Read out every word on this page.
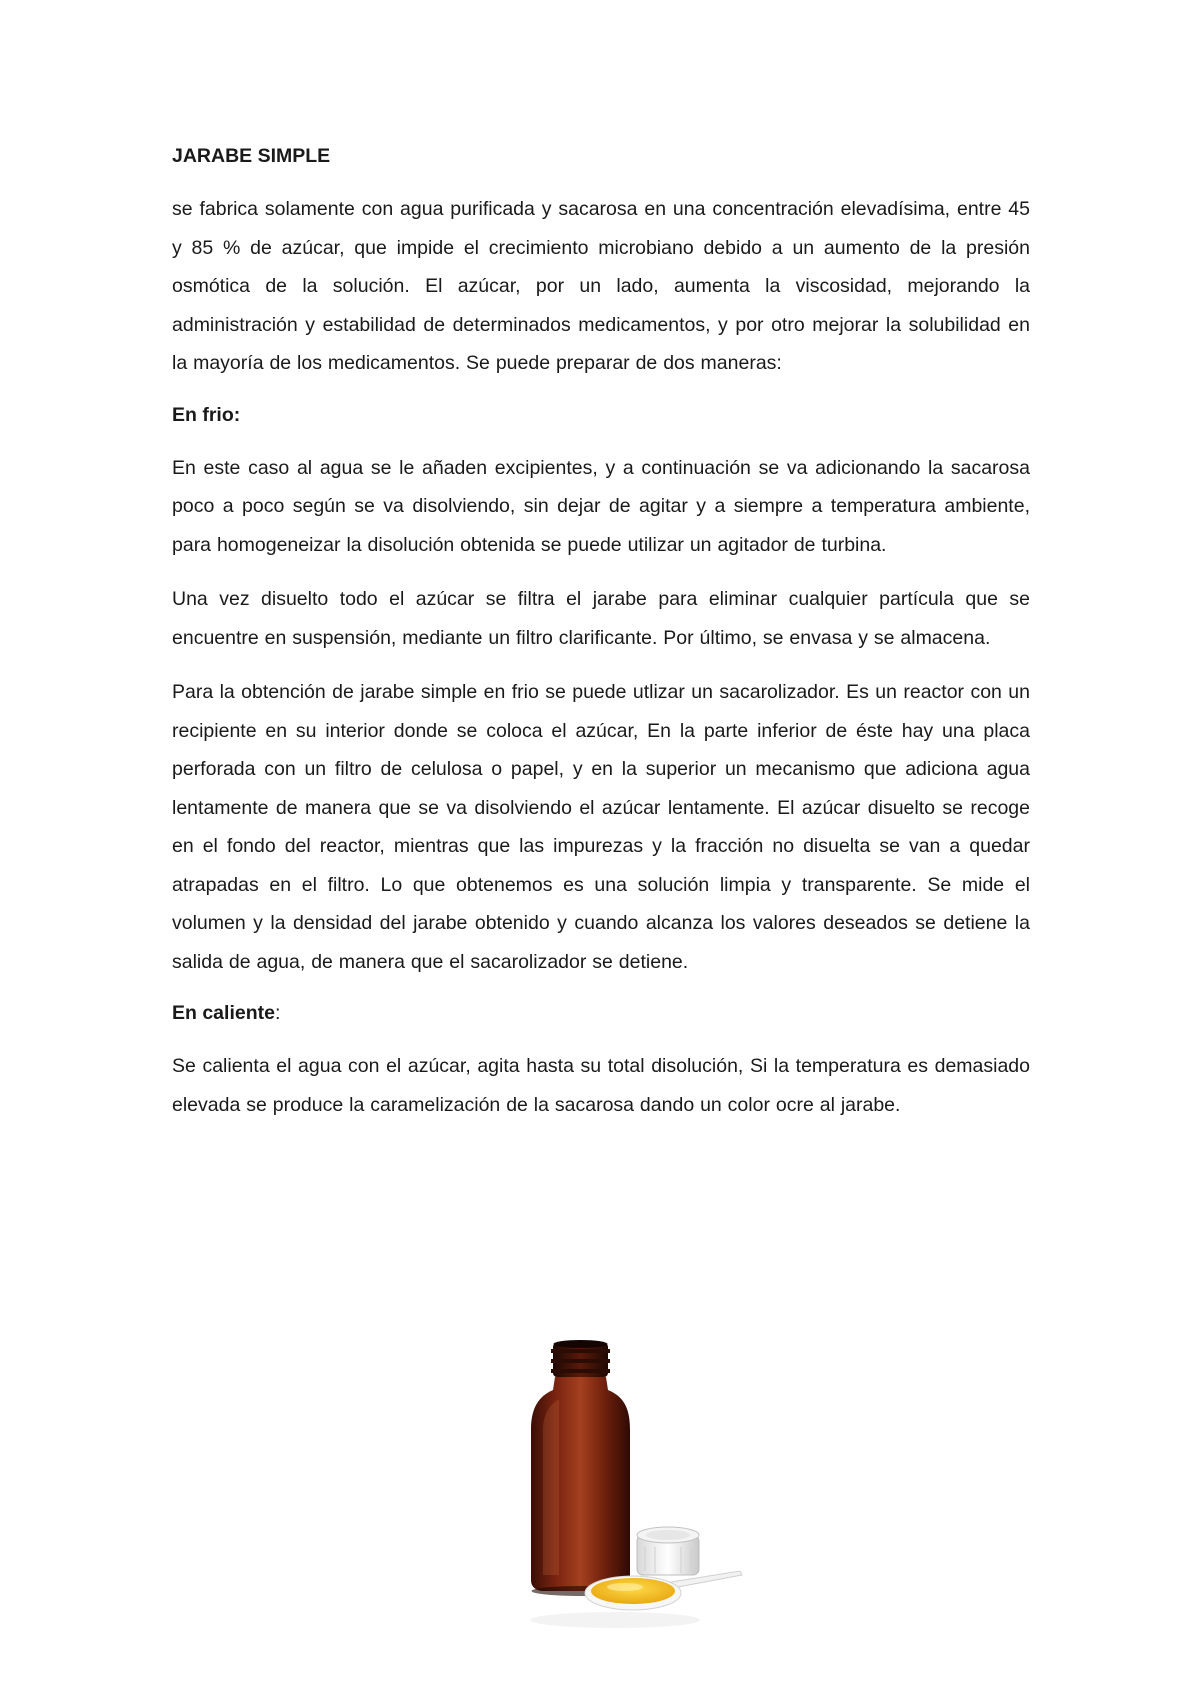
JARABE SIMPLE

se fabrica solamente con agua purificada y sacarosa en una concentración elevadísima, entre 45 y 85 % de azúcar, que impide el crecimiento microbiano debido a un aumento de la presión osmótica de la solución. El azúcar, por un lado, aumenta la viscosidad, mejorando la administración y estabilidad de determinados medicamentos, y por otro mejorar la solubilidad en la mayoría de los medicamentos. Se puede preparar de dos maneras:

En frio:

En este caso al agua se le añaden excipientes, y a continuación se va adicionando la sacarosa poco a poco según se va disolviendo, sin dejar de agitar y a siempre a temperatura ambiente, para homogeneizar la disolución obtenida se puede utilizar un agitador de turbina.

Una vez disuelto todo el azúcar se filtra el jarabe para eliminar cualquier partícula que se encuentre en suspensión, mediante un filtro clarificante. Por último, se envasa y se almacena.

Para la obtención de jarabe simple en frio se puede utlizar un sacarolizador. Es un reactor con un recipiente en su interior donde se coloca el azúcar, En la parte inferior de éste hay una placa perforada con un filtro de celulosa o papel, y en la superior un mecanismo que adiciona agua lentamente de manera que se va disolviendo el azúcar lentamente. El azúcar disuelto se recoge en el fondo del reactor, mientras que las impurezas y la fracción no disuelta se van a quedar atrapadas en el filtro. Lo que obtenemos es una solución limpia y transparente. Se mide el volumen y la densidad del jarabe obtenido y cuando alcanza los valores deseados se detiene la salida de agua, de manera que el sacarolizador se detiene.

En caliente:

Se calienta el agua con el azúcar, agita hasta su total disolución, Si la temperatura es demasiado elevada se produce la caramelización de la sacarosa dando un color ocre al jarabe.
